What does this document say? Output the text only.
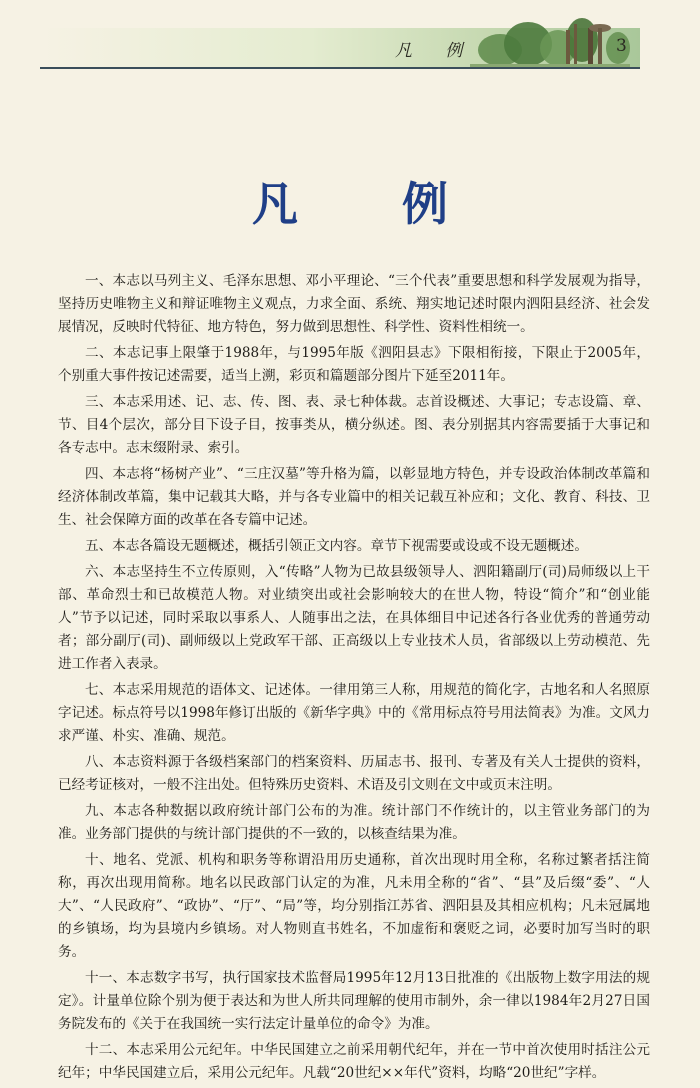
凡 例	3
凡 例

一、本志以马列主义、毛泽东思想、邓小平理论、“三个代表”重要思想和科学发展观为指导，坚持历史唯物主义和辩证唯物主义观点，力求全面、系统、翔实地记述时限内泗阳县经济、社会发展情况，反映时代特征、地方特色，努力做到思想性、科学性、资料性相统一。

二、本志记事上限肇于1988年，与1995年版《泗阳县志》下限相衔接，下限止于2005年，个别重大事件按记述需要，适当上溯，彩页和篇题部分图片下延至2011年。

三、本志采用述、记、志、传、图、表、录七种体裁。志首设概述、大事记；专志设篇、章、节、目4个层次，部分目下设子目，按事类从，横分纵述。图、表分别据其内容需要插于大事记和各专志中。志末缀附录、索引。

四、本志将“杨树产业”、“三庄汉墓”等升格为篇，以彰显地方特色，并专设政治体制改革篇和经济体制改革篇，集中记载其大略，并与各专业篇中的相关记载互补应和；文化、教育、科技、卫生、社会保障方面的改革在各专篇中记述。

五、本志各篇设无题概述，概括引领正文内容。章节下视需要或设或不设无题概述。

六、本志坚持生不立传原则，入“传略”人物为已故县级领导人、泗阳籍副厅(司)局师级以上干部、革命烈士和已故模范人物。对业绩突出或社会影响较大的在世人物，特设“简介”和“创业能人”节予以记述，同时采取以事系人、人随事出之法，在具体细目中记述各行各业优秀的普通劳动者；部分副厅(司)、副师级以上党政军干部、正高级以上专业技术人员，省部级以上劳动模范、先进工作者入表录。

七、本志采用规范的语体文、记述体。一律用第三人称，用规范的简化字，古地名和人名照原字记述。标点符号以1998年修订出版的《新华字典》中的《常用标点符号用法简表》为准。文风力求严谨、朴实、准确、规范。

八、本志资料源于各级档案部门的档案资料、历届志书、报刊、专著及有关人士提供的资料，已经考证核对，一般不注出处。但特殊历史资料、术语及引文则在文中或页末注明。

九、本志各种数据以政府统计部门公布的为准。统计部门不作统计的，以主管业务部门的为准。业务部门提供的与统计部门提供的不一致的，以核查结果为准。

十、地名、党派、机构和职务等称谓沿用历史通称，首次出现时用全称，名称过繁者括注简称，再次出现用简称。地名以民政部门认定的为准，凡未用全称的“省”、“县”及后缀“委”、“人大”、“人民政府”、“政协”、“厅”、“局”等，均分别指江苏省、泗阳县及其相应机构；凡未冠属地的乡镇场，均为县境内乡镇场。对人物则直书姓名，不加虚衔和褒贬之词，必要时加写当时的职务。

十一、本志数字书写，执行国家技术监督局1995年12月13日批准的《出版物上数字用法的规定》。计量单位除个别为便于表达和为世人所共同理解的使用市制外，余一律以1984年2月27日国务院发布的《关于在我国统一实行法定计量单位的命令》为准。

十二、本志采用公元纪年。中华民国建立之前采用朝代纪年，并在一节中首次使用时括注公元纪年；中华民国建立后，采用公元纪年。凡载“20世纪××年代”资料，均略“20世纪”字样。
